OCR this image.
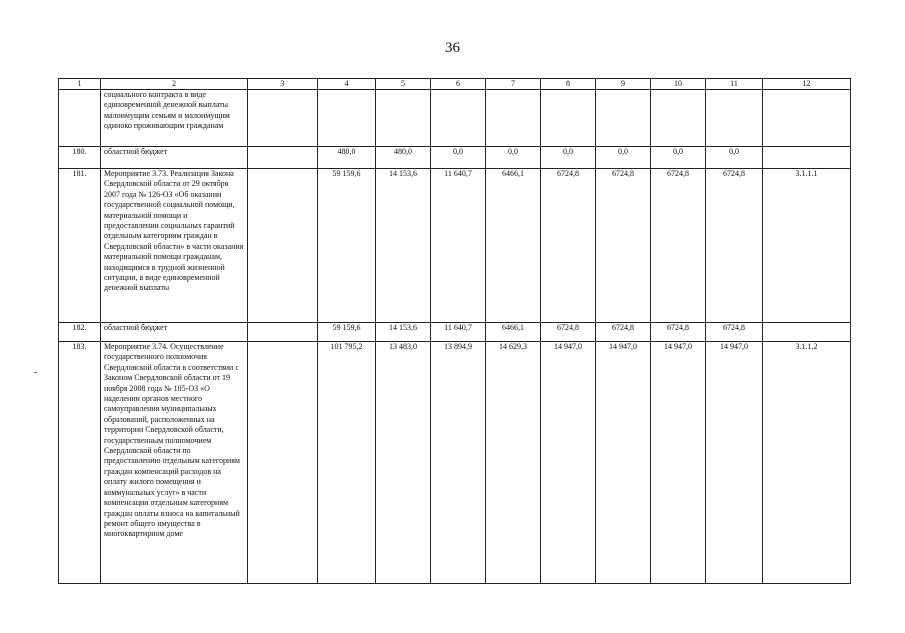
36
1	2	3	4	5	6	7	8	9	10	11	12
	социального контракта в виде единовременной денежной выплаты малоимущим семьям и малоимущим одиноко проживающим гражданам										
180.	областной бюджет		480,0	480,0	0,0	0,0	0,0	0,0	0,0	0,0	
181.	Мероприятие 3.73. Реализация Закона Свердловской области от 29 октября 2007 года № 126-ОЗ «Об оказании государственной социальной помощи, материальной помощи и предоставлении социальных гарантий отдельным категориям граждан в Свердловской области» в части оказания материальной помощи гражданам, находящимся в трудной жизненной ситуации, в виде единовременной денежной выплаты		59 159,6	14 153,6	11 640,7	6466,1	6724,8	6724,8	6724,8	6724,8	3.1.1.1
182.	областной бюджет		59 159,6	14 153,6	11 640,7	6466,1	6724,8	6724,8	6724,8	6724,8	
183.	Мероприятие 3.74. Осуществление государственного полномочия Свердловской области в соответствии с Законом Свердловской области от 19 ноября 2008 года № 105-ОЗ «О наделении органов местного самоуправления муниципальных образований, расположенных на территории Свердловской области, государственным полномочием Свердловской области по предоставлению отдельным категориям граждан компенсаций расходов на оплату жилого помещения и коммунальных услуг» в части компенсации отдельным категориям граждан оплаты взноса на капитальный ремонт общего имущества в многоквартирном доме		101 795,2	13 483,0	13 894,9	14 629,3	14 947,0	14 947,0	14 947,0	14 947,0	3.1.1.2
